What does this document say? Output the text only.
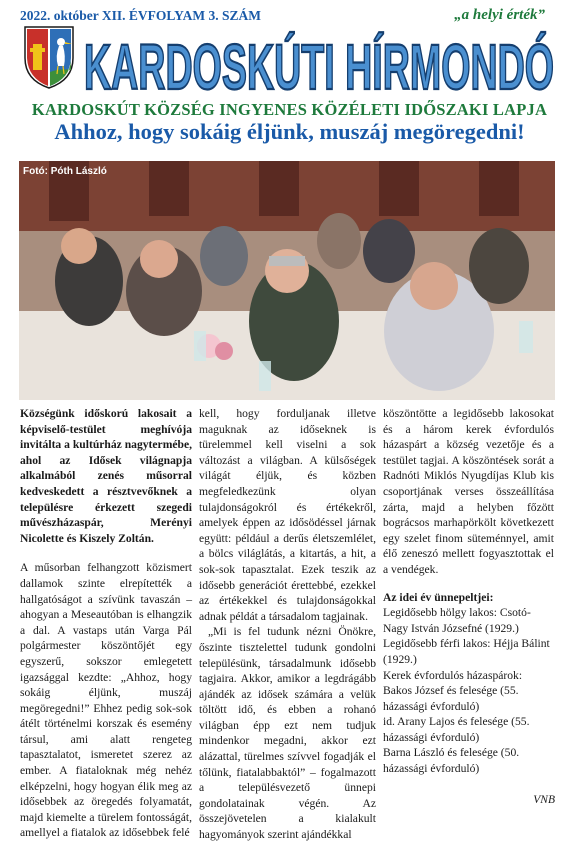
2022. október XII. ÉVFOLYAM 3. SZÁM	„a helyi érték”
KARDOSKÚTI HÍRMONDÓ
KARDOSKÚT KÖZSÉG INGYENES KÖZÉLETI IDŐSZAKI LAPJA
Ahhoz, hogy sokáig éljünk, muszáj megöregedni!
Fotó: Póth László

Községünk időskorú lakosait a képviselő-testület meghívója invitálta a kultúrház nagytermébe, ahol az Idősek világnapja alkalmából zenés műsorral kedveskedett a résztvevőknek a településre érkezett szegedi művészházaspár, Merényi Nicolette és Kiszely Zoltán.

A műsorban felhangzott közismert dallamok szinte elrepítették a hallgatóságot a szívünk tavaszán – ahogyan a Meseautóban is elhangzik a dal. A vastaps után Varga Pál polgármester köszöntőjét egy egyszerű, sokszor emlegetett igazsággal kezdte: „Ahhoz, hogy sokáig éljünk, muszáj megöregedni!” Ehhez pedig sok-sok átélt történelmi korszak és esemény társul, ami alatt rengeteg tapasztalatot, ismeretet szerez az ember. A fiataloknak még nehéz elképzelni, hogy hogyan élik meg az idősebbek az öregedés folyamatát, majd kiemelte a türelem fontosságát, amellyel a fiatalok az idősebbek felé

kell, hogy forduljanak illetve maguknak az időseknek is türelemmel kell viselni a sok változást a világban. A külsőségek világát éljük, és közben megfeledkezünk olyan tulajdonságokról és értékekről, amelyek éppen az idősödéssel járnak együtt: például a derűs életszemlélet, a bölcs világlátás, a kitartás, a hit, a sok-sok tapasztalat. Ezek teszik az idősebb generációt érettebbé, ezekkel az értékekkel és tulajdonságokkal adnak példát a társadalom tagjainak.

„Mi is fel tudunk nézni Önökre, őszinte tisztelettel tudunk gondolni településünk, társadalmunk idősebb tagjaira. Akkor, amikor a legdrágább ajándék az idősek számára a velük töltött idő, és ebben a rohanó világban épp ezt nem tudjuk mindenkor megadni, akkor ezt alázattal, türelmes szívvel fogadják el tőlünk, fiatalabbaktól” – fogalmazott a településvezető ünnepi gondolatainak végén. Az összejövetelen a kialakult hagyományok szerint ajándékkal

köszöntötte a legidősebb lakosokat és a három kerek évfordulós házaspárt a község vezetője és a testület tagjai. A köszöntések sorát a Radnóti Miklós Nyugdíjas Klub kis csoportjának verses összeállítása zárta, majd a helyben főzött bográcsos marhapörkölt következett egy szelet finom süteménnyel, amit élő zeneszó mellett fogyasztottak el a vendégek.

Az idei év ünnepeltjei:

Legidősebb hölgy lakos: Csotó-Nagy István Józsefné (1929.)

Legidősebb férfi lakos: Héjja Bálint (1929.)

Kerek évfordulós házaspárok:

Bakos József és felesége (55. házassági évforduló)

id. Arany Lajos és felesége (55. házassági évforduló)

Barna László és felesége (50. házassági évforduló)

VNB
